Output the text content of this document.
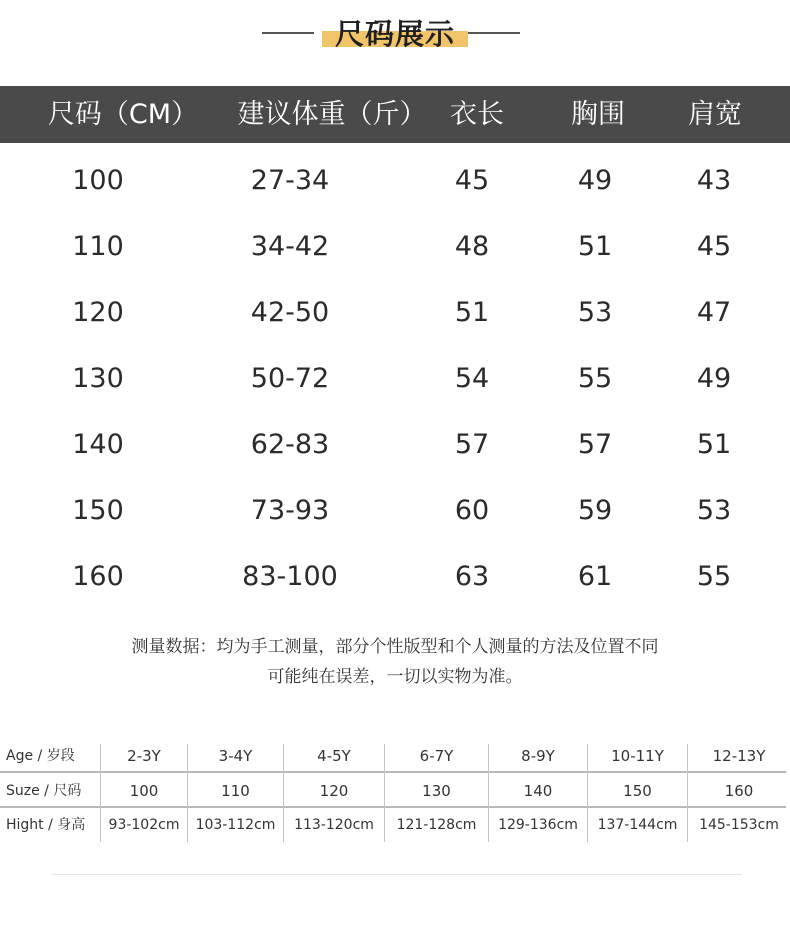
尺码展示
尺码（CM）	建议体重（斤） 衣长	胸围	肩宽
100	27-34	45	49	43
110	34-42	48	51	45
120	42-50	51	53	47
130	50-72	54	55	49
140	62-83	57	57	51
150	73-93	60	59	53
160	83-100	63	61	55
测量数据：均为手工测量，部分个性版型和个人测量的方法及位置不同
可能纯在误差，一切以实物为准。
Age / 岁段	2-3Y	3-4Y	4-5Y	6-7Y	8-9Y	10-11Y	12-13Y
Suze / 尺码	100	110	120	130	140	150	160
Hight / 身高	93-102cm	103-112cm	113-120cm	121-128cm	129-136cm	137-144cm	145-153cm
